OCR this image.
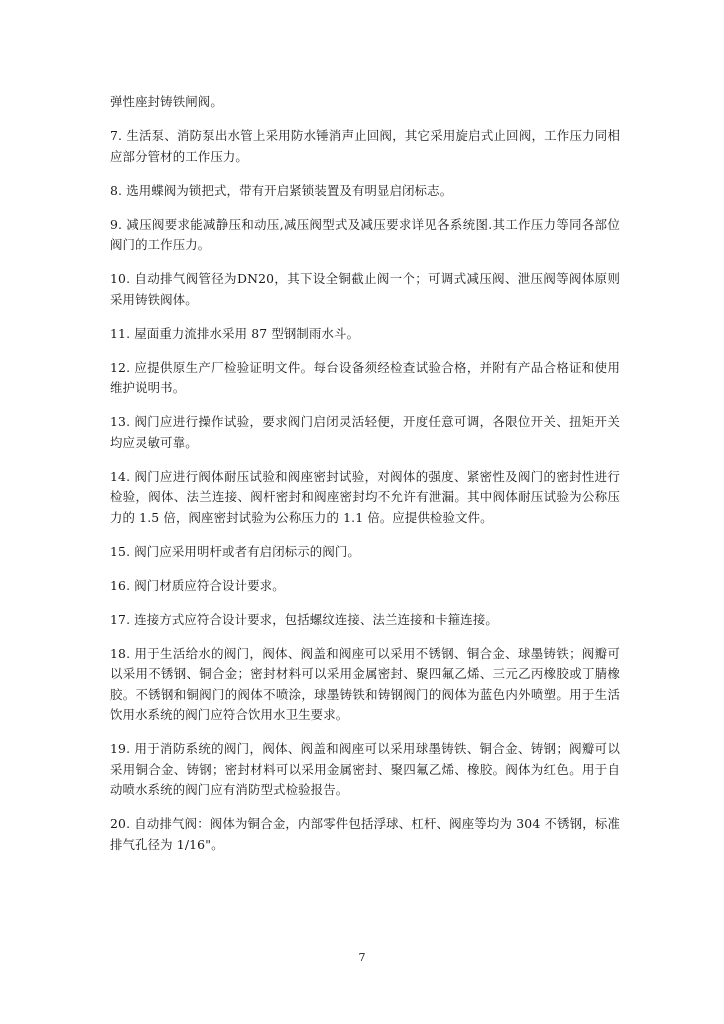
弹性座封铸铁闸阀。

7. 生活泵、消防泵出水管上采用防水锤消声止回阀，其它采用旋启式止回阀，工作压力同相应部分管材的工作压力。

8. 选用蝶阀为锁把式，带有开启紧锁装置及有明显启闭标志。

9. 减压阀要求能减静压和动压,减压阀型式及减压要求详见各系统图.其工作压力等同各部位阀门的工作压力。

10. 自动排气阀管径为DN20，其下设全铜截止阀一个；可调式减压阀、泄压阀等阀体原则采用铸铁阀体。

11. 屋面重力流排水采用 87 型钢制雨水斗。

12. 应提供原生产厂检验证明文件。每台设备须经检查试验合格，并附有产品合格证和使用维护说明书。

13. 阀门应进行操作试验，要求阀门启闭灵活轻便，开度任意可调，各限位开关、扭矩开关均应灵敏可靠。

14. 阀门应进行阀体耐压试验和阀座密封试验，对阀体的强度、紧密性及阀门的密封性进行检验，阀体、法兰连接、阀杆密封和阀座密封均不允许有泄漏。其中阀体耐压试验为公称压力的 1.5 倍，阀座密封试验为公称压力的 1.1 倍。应提供检验文件。

15. 阀门应采用明杆或者有启闭标示的阀门。

16. 阀门材质应符合设计要求。

17. 连接方式应符合设计要求，包括螺纹连接、法兰连接和卡箍连接。

18. 用于生活给水的阀门，阀体、阀盖和阀座可以采用不锈钢、铜合金、球墨铸铁；阀瓣可以采用不锈钢、铜合金；密封材料可以采用金属密封、聚四氟乙烯、三元乙丙橡胶或丁腈橡胶。不锈钢和铜阀门的阀体不喷涂，球墨铸铁和铸钢阀门的阀体为蓝色内外喷塑。用于生活饮用水系统的阀门应符合饮用水卫生要求。

19. 用于消防系统的阀门，阀体、阀盖和阀座可以采用球墨铸铁、铜合金、铸钢；阀瓣可以采用铜合金、铸钢；密封材料可以采用金属密封、聚四氟乙烯、橡胶。阀体为红色。用于自动喷水系统的阀门应有消防型式检验报告。

20. 自动排气阀：阀体为铜合金，内部零件包括浮球、杠杆、阀座等均为 304 不锈钢，标准排气孔径为 1/16"。

7
